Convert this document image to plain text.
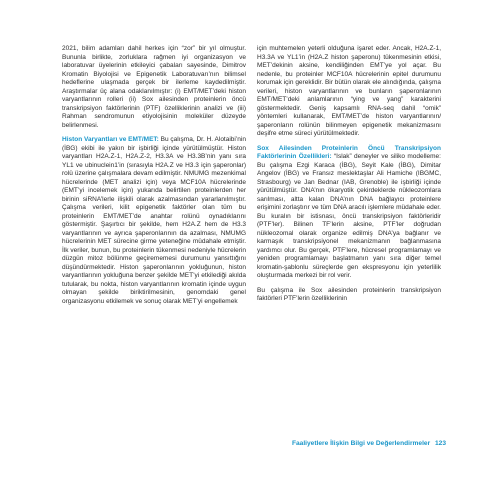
2021, bilim adamları dahil herkes için “zor” bir yıl olmuştur. Bununla birlikte, zorluklara rağmen iyi organizasyon ve laboratuvar üyelerinin etkileyici çabaları sayesinde, Dimitrov Kromatin Biyolojisi ve Epigenetik Laboratuvarı’nın bilimsel hedeflerine ulaşmada gerçek bir ilerleme kaydedilmiştir. Araştırmalar üç alana odaklanılmıştır: (i) EMT/MET’deki histon varyantlarının rolleri (ii) Sox ailesinden proteinlerin öncü transkripsiyon faktörlerinin (PTF) özelliklerinin analizi ve (iii) Rahman sendromunun etiyolojisinin moleküler düzeyde belirlenmesi.

Histon Varyantları ve EMT/MET: Bu çalışma, Dr. H. Alotaibi’nin (İBG) ekibi ile yakın bir işbirliği içinde yürütülmüştür. Histon varyantları H2A.Z-1, H2A.Z-2, H3.3A ve H3.3B’nin yanı sıra YL1 ve ubinuclein1’in (sırasıyla H2A.Z ve H3.3 için şaperonlar) rolü üzerine çalışmalara devam edilmiştir. NMUMG mezenkimal hücrelerinde (MET analizi için) veya MCF10A hücrelerinde (EMT’yi incelemek için) yukarıda belirtilen proteinlerden her birinin siRNA’lerle ilişkili olarak azalmasından yararlanılmıştır. Çalışma verileri, kilit epigenetik faktörler olan tüm bu proteinlerin EMT/MET’de anahtar rolünü oynadıklarını göstermiştir. Şaşırtıcı bir şekilde, hem H2A.Z hem de H3.3 varyantlarının ve ayrıca şaperonlarının da azalması, NMUMG hücrelerinin MET sürecine girme yeteneğine müdahale etmiştir. İlk veriler, bunun, bu proteinlerin tükenmesi nedeniyle hücrelerin düzgün mitoz bölünme geçirememesi durumunu yansıttığını düşündürmektedir. Histon şaperonlarının yokluğunun, histon varyantlarının yokluğuna benzer şekilde MET’yi etkilediği akılda tutularak, bu nokta, histon varyantlarının kromatin içinde uygun olmayan şekilde biriktirilmesinin, genomdaki genel organizasyonu etkilemek ve sonuç olarak MET’yi engellemek

için muhtemelen yeterli olduğuna işaret eder. Ancak, H2A.Z-1, H3.3A ve YL1’in (H2A.Z histon şaperonu) tükenmesinin etkisi, MET’dekinin aksine, kendiliğinden EMT’ye yol açar. Bu nedenle, bu proteinler MCF10A hücrelerinin epitel durumunu korumak için gereklidir. Bir bütün olarak ele alındığında, çalışma verileri, histon varyantlarının ve bunların şaperonlarının EMT/MET’deki anlamlarının “ying ve yang” karakterini göstermektedir. Geniş kapsamlı RNA-seq dahil “omik” yöntemleri kullanarak, EMT/MET’de histon varyantlarının/şaperonların rolünün bilinmeyen epigenetik mekanizmasını deşifre etme süreci yürütülmektedir.

Sox Ailesinden Proteinlerin Öncü Transkripsiyon Faktörlerinin Özellikleri: “Islak” deneyler ve siliko modelleme: Bu çalışma Ezgi Karaca (İBG), Seyit Kale (İBG), Dimitar Angelov (İBG) ve Fransız meslektaşlar Ali Hamiche (IBGMC, Strasbourg) ve Jan Bednar (IAB, Grenoble) ile işbirliği içinde yürütülmüştür. DNA’nın ökaryotik çekirdeklerde nükleozomlara sarılması, altta kalan DNA’nın DNA bağlayıcı proteinlere erişimini zorlaştırır ve tüm DNA aracılı işlemlere müdahale eder. Bu kuralın bir istisnası, öncü transkripsiyon faktörleridir (PTF’ler). Bilinen TF’lerin aksine, PTF’ler doğrudan nükleozomal olarak organize edilmiş DNA’ya bağlanır ve karmaşık transkripsiyonel mekanizmanın bağlanmasına yardımcı olur. Bu gerçek, PTF’lere, hücresel programlamayı ve yeniden programlamayı başlatmanın yanı sıra diğer temel kromatin-şablonlu süreçlerde gen ekspresyonu için yeterlilik oluşturmada merkezi bir rol verir.

Bu çalışma ile Sox ailesinden proteinlerin transkripsiyon faktörleri PTF’lerin özelliklerinin

Faaliyetlere İlişkin Bilgi ve Değerlendirmeler 123
